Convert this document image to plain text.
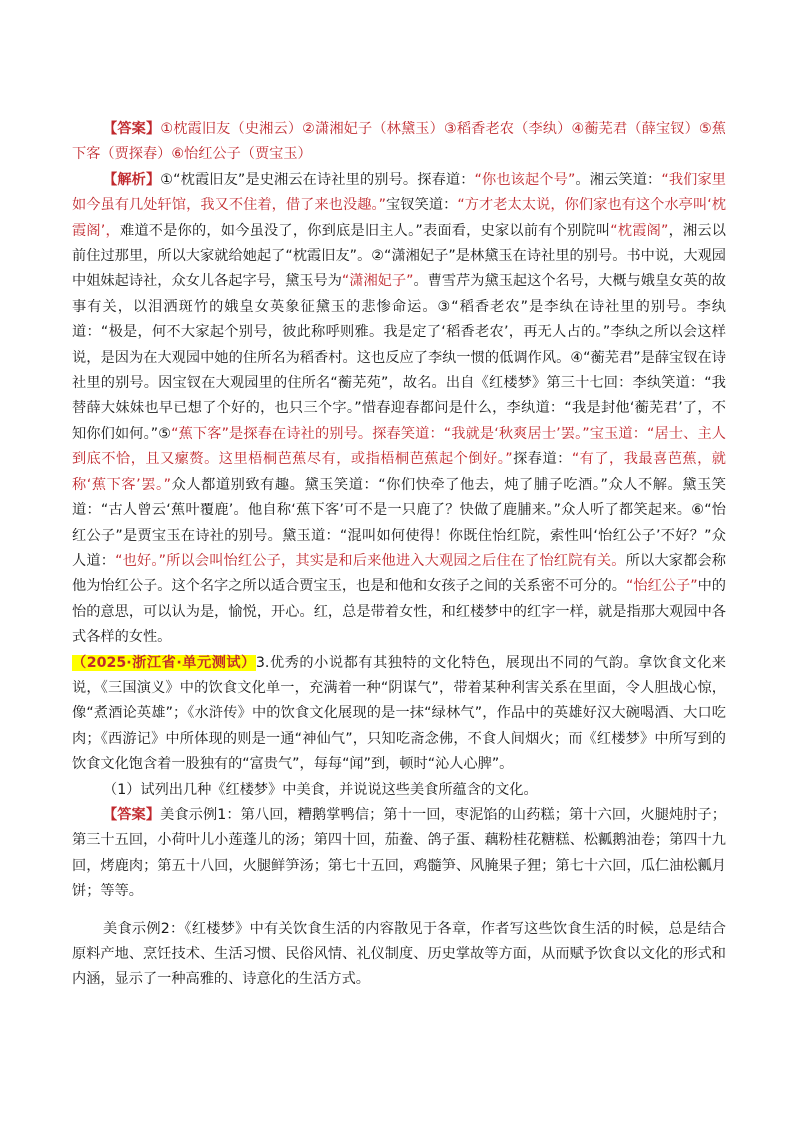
【答案】①枕霞旧友（史湘云）②潇湘妃子（林黛玉）③稻香老农（李纨）④蘅芜君（薛宝钗）⑤蕉下客（贾探春）⑥怡红公子（贾宝玉）

【解析】①“枕霞旧友”是史湘云在诗社里的别号。探春道：“你也该起个号”。湘云笑道：“我们家里如今虽有几处轩馆，我又不住着，借了来也没趣。”宝钗笑道：“方才老太太说，你们家也有这个水亭叫‘枕霞阁’，难道不是你的，如今虽没了，你到底是旧主人。”表面看，史家以前有个别院叫“枕霞阁”，湘云以前住过那里，所以大家就给她起了“枕霞旧友”。②“潇湘妃子”是林黛玉在诗社里的别号。书中说，大观园中姐妹起诗社，众女儿各起字号，黛玉号为“潇湘妃子”。曹雪芹为黛玉起这个名号，大概与娥皇女英的故事有关，以泪洒斑竹的娥皇女英象征黛玉的悲惨命运。③“稻香老农”是李纨在诗社里的别号。李纨道：“极是，何不大家起个别号，彼此称呼则雅。我是定了‘稻香老农’，再无人占的。”李纨之所以会这样说，是因为在大观园中她的住所名为稻香村。这也反应了李纨一惯的低调作风。④“蘅芜君”是薛宝钗在诗社里的别号。因宝钗在大观园里的住所名“蘅芜苑”，故名。出自《红楼梦》第三十七回：李纨笑道：“我替薛大妹妹也早已想了个好的，也只三个字。”惜春迎春都问是什么，李纨道：“我是封他‘蘅芜君’了，不知你们如何。”⑤“蕉下客”是探春在诗社的别号。探春笑道：“我就是‘秋爽居士’罢。”宝玉道：“居士、主人到底不恰，且又瘰赘。这里梧桐芭蕉尽有，或指梧桐芭蕉起个倒好。”探春道：“有了，我最喜芭蕉，就称‘蕉下客’罢。”众人都道别致有趣。黛玉笑道：“你们快牵了他去，炖了脯子吃酒。”众人不解。黛玉笑道：“古人曾云‘蕉叶覆鹿’。他自称‘蕉下客’可不是一只鹿了？快做了鹿脯来。”众人听了都笑起来。⑥“怡红公子”是贾宝玉在诗社的别号。黛玉道：“混叫如何使得！你既住怡红院，索性叫‘怡红公子’不好？”众人道：“也好。”所以会叫怡红公子，其实是和后来他进入大观园之后住在了怡红院有关。所以大家都会称他为怡红公子。这个名字之所以适合贾宝玉，也是和他和女孩子之间的关系密不可分的。“怡红公子”中的怡的意思，可以认为是，愉悦，开心。红，总是带着女性，和红楼梦中的红字一样，就是指那大观园中各式各样的女性。

（2025·浙江省·单元测试）3.优秀的小说都有其独特的文化特色，展现出不同的气韵。拿饮食文化来说，《三国演义》中的饮食文化单一，充满着一种“阴谋气”，带着某种利害关系在里面，令人胆战心惊，像“煮酒论英雄”；《水浒传》中的饮食文化展现的是一抹“绿林气”，作品中的英雄好汉大碗喝酒、大口吃肉；《西游记》中所体现的则是一通“神仙气”，只知吃斋念佛，不食人间烟火；而《红楼梦》中所写到的饮食文化饱含着一股独有的“富贵气”，每每“闻”到，顿时“沁人心脾”。

（1）试列出几种《红楼梦》中美食，并说说这些美食所蕴含的文化。

【答案】美食示例1：第八回，糟鹅掌鸭信；第十一回，枣泥馅的山药糕；第十六回，火腿炖肘子；第三十五回，小荷叶儿小莲蓬儿的汤；第四十回，茄鲞、鸽子蛋、藕粉桂花糖糕、松瓤鹅油卷；第四十九回，烤鹿肉；第五十八回，火腿鲜笋汤；第七十五回，鸡髓笋、风腌果子狸；第七十六回，瓜仁油松瓤月饼；等等。

美食示例2：《红楼梦》中有关饮食生活的内容散见于各章，作者写这些饮食生活的时候，总是结合原料产地、烹饪技术、生活习惯、民俗风情、礼仪制度、历史掌故等方面，从而赋予饮食以文化的形式和内涵，显示了一种高雅的、诗意化的生活方式。
